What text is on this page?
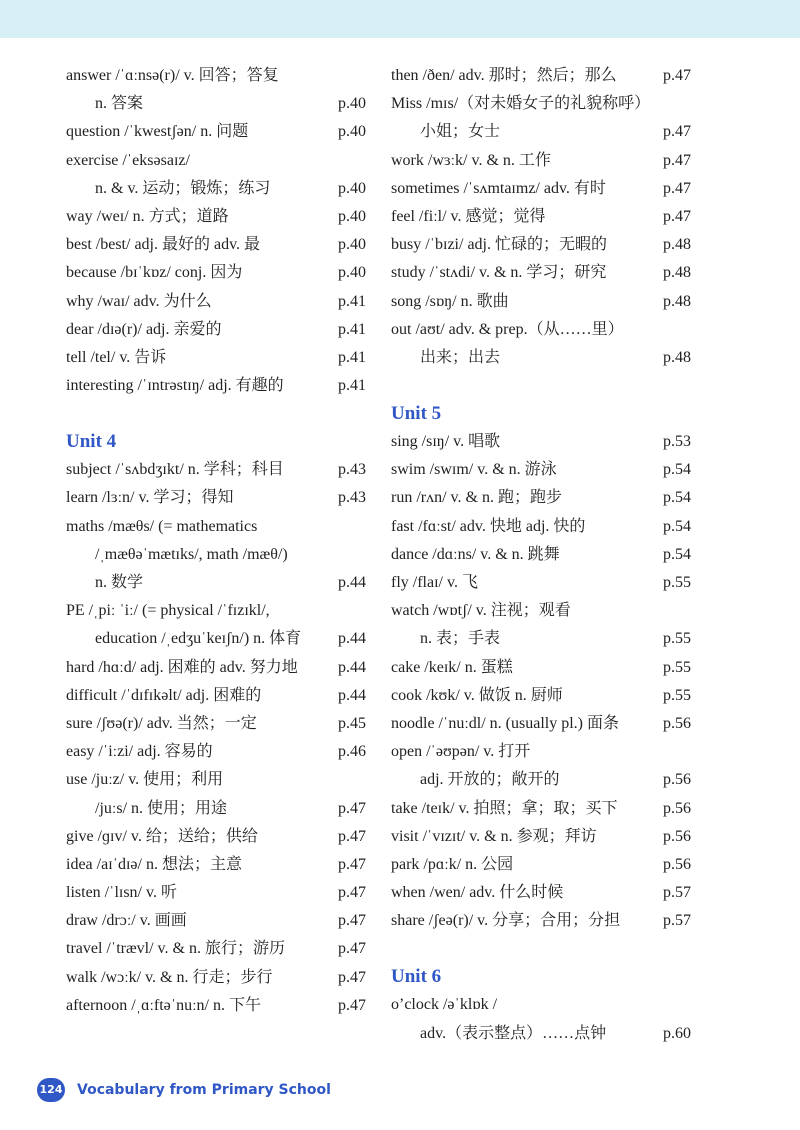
answer /ˈɑːnsə(r)/ v. 回答；答复
n. 答案	p.40
question /ˈkwestʃən/ n. 问题	p.40
exercise /ˈeksəsaɪz/
n. & v. 运动；锻炼；练习	p.40
way /weɪ/ n. 方式；道路	p.40
best /best/ adj. 最好的 adv. 最	p.40
because /bɪˈkɒz/ conj. 因为	p.40
why /waɪ/ adv. 为什么	p.41
dear /dɪə(r)/ adj. 亲爱的	p.41
tell /tel/ v. 告诉	p.41
interesting /ˈɪntrəstɪŋ/ adj. 有趣的	p.41
Unit 4
subject /ˈsʌbdʒɪkt/ n. 学科；科目	p.43
learn /lɜːn/ v. 学习；得知	p.43
maths /mæθs/ (= mathematics
/ˌmæθəˈmætɪks/, math /mæθ/)
n. 数学	p.44
PE /ˌpiː ˈiː/ (= physical /ˈfɪzɪkl/,
education /ˌedʒuˈkeɪʃn/) n. 体育 p.44
hard /hɑːd/ adj. 困难的 adv. 努力地	p.44
difficult /ˈdɪfɪkəlt/ adj. 困难的	p.44
sure /ʃʊə(r)/ adv. 当然；一定	p.45
easy /ˈiːzi/ adj. 容易的	p.46
use /juːz/ v. 使用；利用
/juːs/ n. 使用；用途	p.47
give /ɡɪv/ v. 给；送给；供给	p.47
idea /aɪˈdɪə/ n. 想法；主意	p.47
listen /ˈlɪsn/ v. 听	p.47
draw /drɔː/ v. 画画	p.47
travel /ˈtrævl/ v. & n. 旅行；游历	p.47
walk /wɔːk/ v. & n. 行走；步行	p.47
afternoon /ˌɑːftəˈnuːn/ n. 下午	p.47
then /ðen/ adv. 那时；然后；那么	p.47
Miss /mɪs/（对未婚女子的礼貌称呼）
小姐；女士	p.47
work /wɜːk/ v. & n. 工作	p.47
sometimes /ˈsʌmtaɪmz/ adv. 有时	p.47
feel /fiːl/ v. 感觉；觉得	p.47
busy /ˈbɪzi/ adj. 忙碌的；无暇的	p.48
study /ˈstʌdi/ v. & n. 学习；研究	p.48
song /sɒŋ/ n. 歌曲	p.48
out /aʊt/ adv. & prep.（从……里）
出来；出去	p.48
Unit 5
sing /sɪŋ/ v. 唱歌	p.53
swim /swɪm/ v. & n. 游泳	p.54
run /rʌn/ v. & n. 跑；跑步	p.54
fast /fɑːst/ adv. 快地 adj. 快的	p.54
dance /dɑːns/ v. & n. 跳舞	p.54
fly /flaɪ/ v. 飞	p.55
watch /wɒtʃ/ v. 注视；观看
n. 表；手表	p.55
cake /keɪk/ n. 蛋糕	p.55
cook /kʊk/ v. 做饭 n. 厨师	p.55
noodle /ˈnuːdl/ n. (usually pl.) 面条	p.56
open /ˈəʊpən/ v. 打开
adj. 开放的；敞开的	p.56
take /teɪk/ v. 拍照；拿；取；买下	p.56
visit /ˈvɪzɪt/ v. & n. 参观；拜访	p.56
park /pɑːk/ n. 公园	p.56
when /wen/ adv. 什么时候	p.57
share /ʃeə(r)/ v. 分享；合用；分担	p.57
Unit 6
o’clock /əˈklɒk /
adv.（表示整点）……点钟	p.60
124 Vocabulary from Primary School
